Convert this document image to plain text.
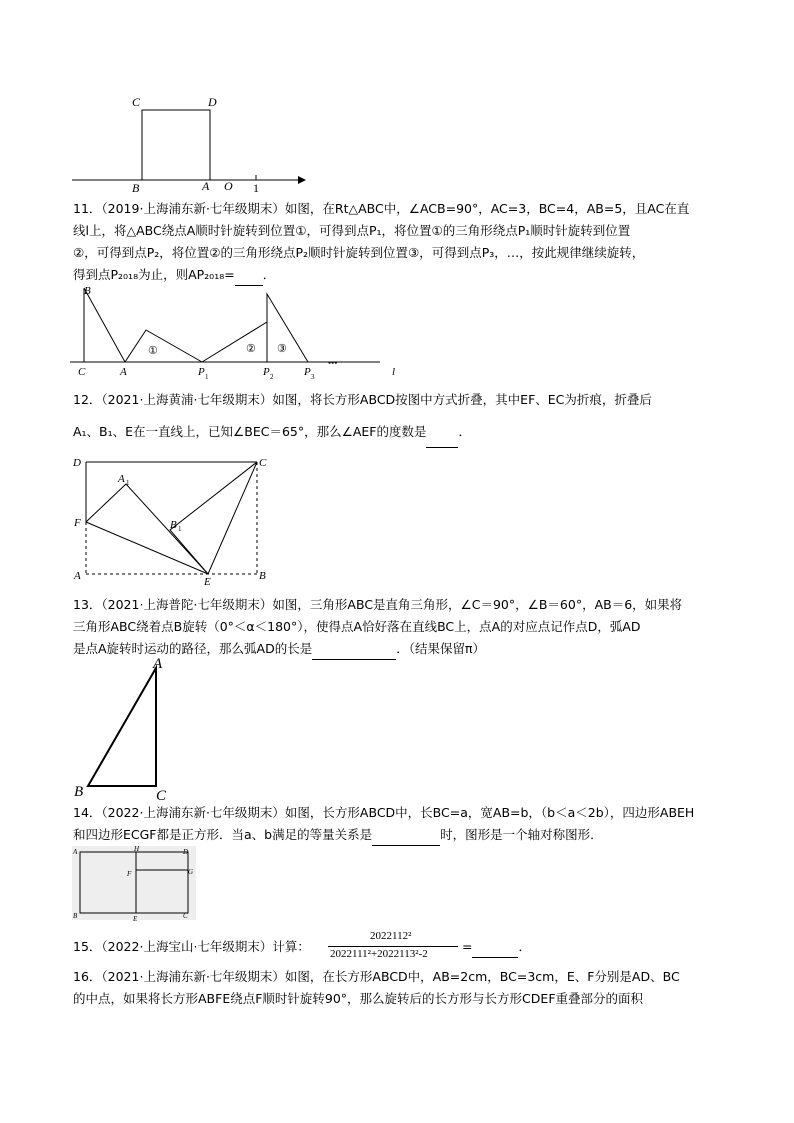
C	D
B	A O 1
11．（2019·上海浦东新·七年级期末）如图，在Rt△ABC中，∠ACB=90°，AC=3，BC=4，AB=5，且AC在直
线l上，将△ABC绕点A顺时针旋转到位置①，可得到点P₁，将位置①的三角形绕点P₁顺时针旋转到位置
②，可得到点P₂，将位置②的三角形绕点P₂顺时针旋转到位置③，可得到点P₃，…，按此规律继续旋转，
得到点P₂₀₁₈为止，则AP₂₀₁₈= ．
B
C	A
①	② ③
P 1	P 2	P 3
•••
l
12．（2021·上海黄浦·七年级期末）如图，将长方形ABCD按图中方式折叠，其中EF、EC为折痕，折叠后
A₁、B₁、E在一直线上，已知∠BEC＝65°，那么∠AEF的度数是	．
D	C
A 1
F	B 1
A	E	B
13．（2021·上海普陀·七年级期末）如图，三角形ABC是直角三角形，∠C＝90°，∠B＝60°，AB＝6，如果将
三角形ABC绕着点B旋转（0°＜α＜180°），使得点A恰好落在直线BC上，点A的对应点记作点D，弧AD
是点A旋转时运动的路径，那么弧AD的长是	．（结果保留π）
A
B	C
14．（2022·上海浦东新·七年级期末）如图，长方形ABCD中，长BC=a，宽AB=b，（b＜a＜2b），四边形ABEH
和四边形ECGF都是正方形．当a、b满足的等量关系是	时，图形是一个轴对称图形．
A	H	D
F	G
B	E	C
15．（2022·上海宝山·七年级期末）计算：
2022112²
2022111²+2022113²-2	=	．
16．（2021·上海浦东新·七年级期末）如图，在长方形ABCD中，AB=2cm，BC=3cm，E、F分别是AD、BC
的中点，如果将长方形ABFE绕点F顺时针旋转90°，那么旋转后的长方形与长方形CDEF重叠部分的面积
